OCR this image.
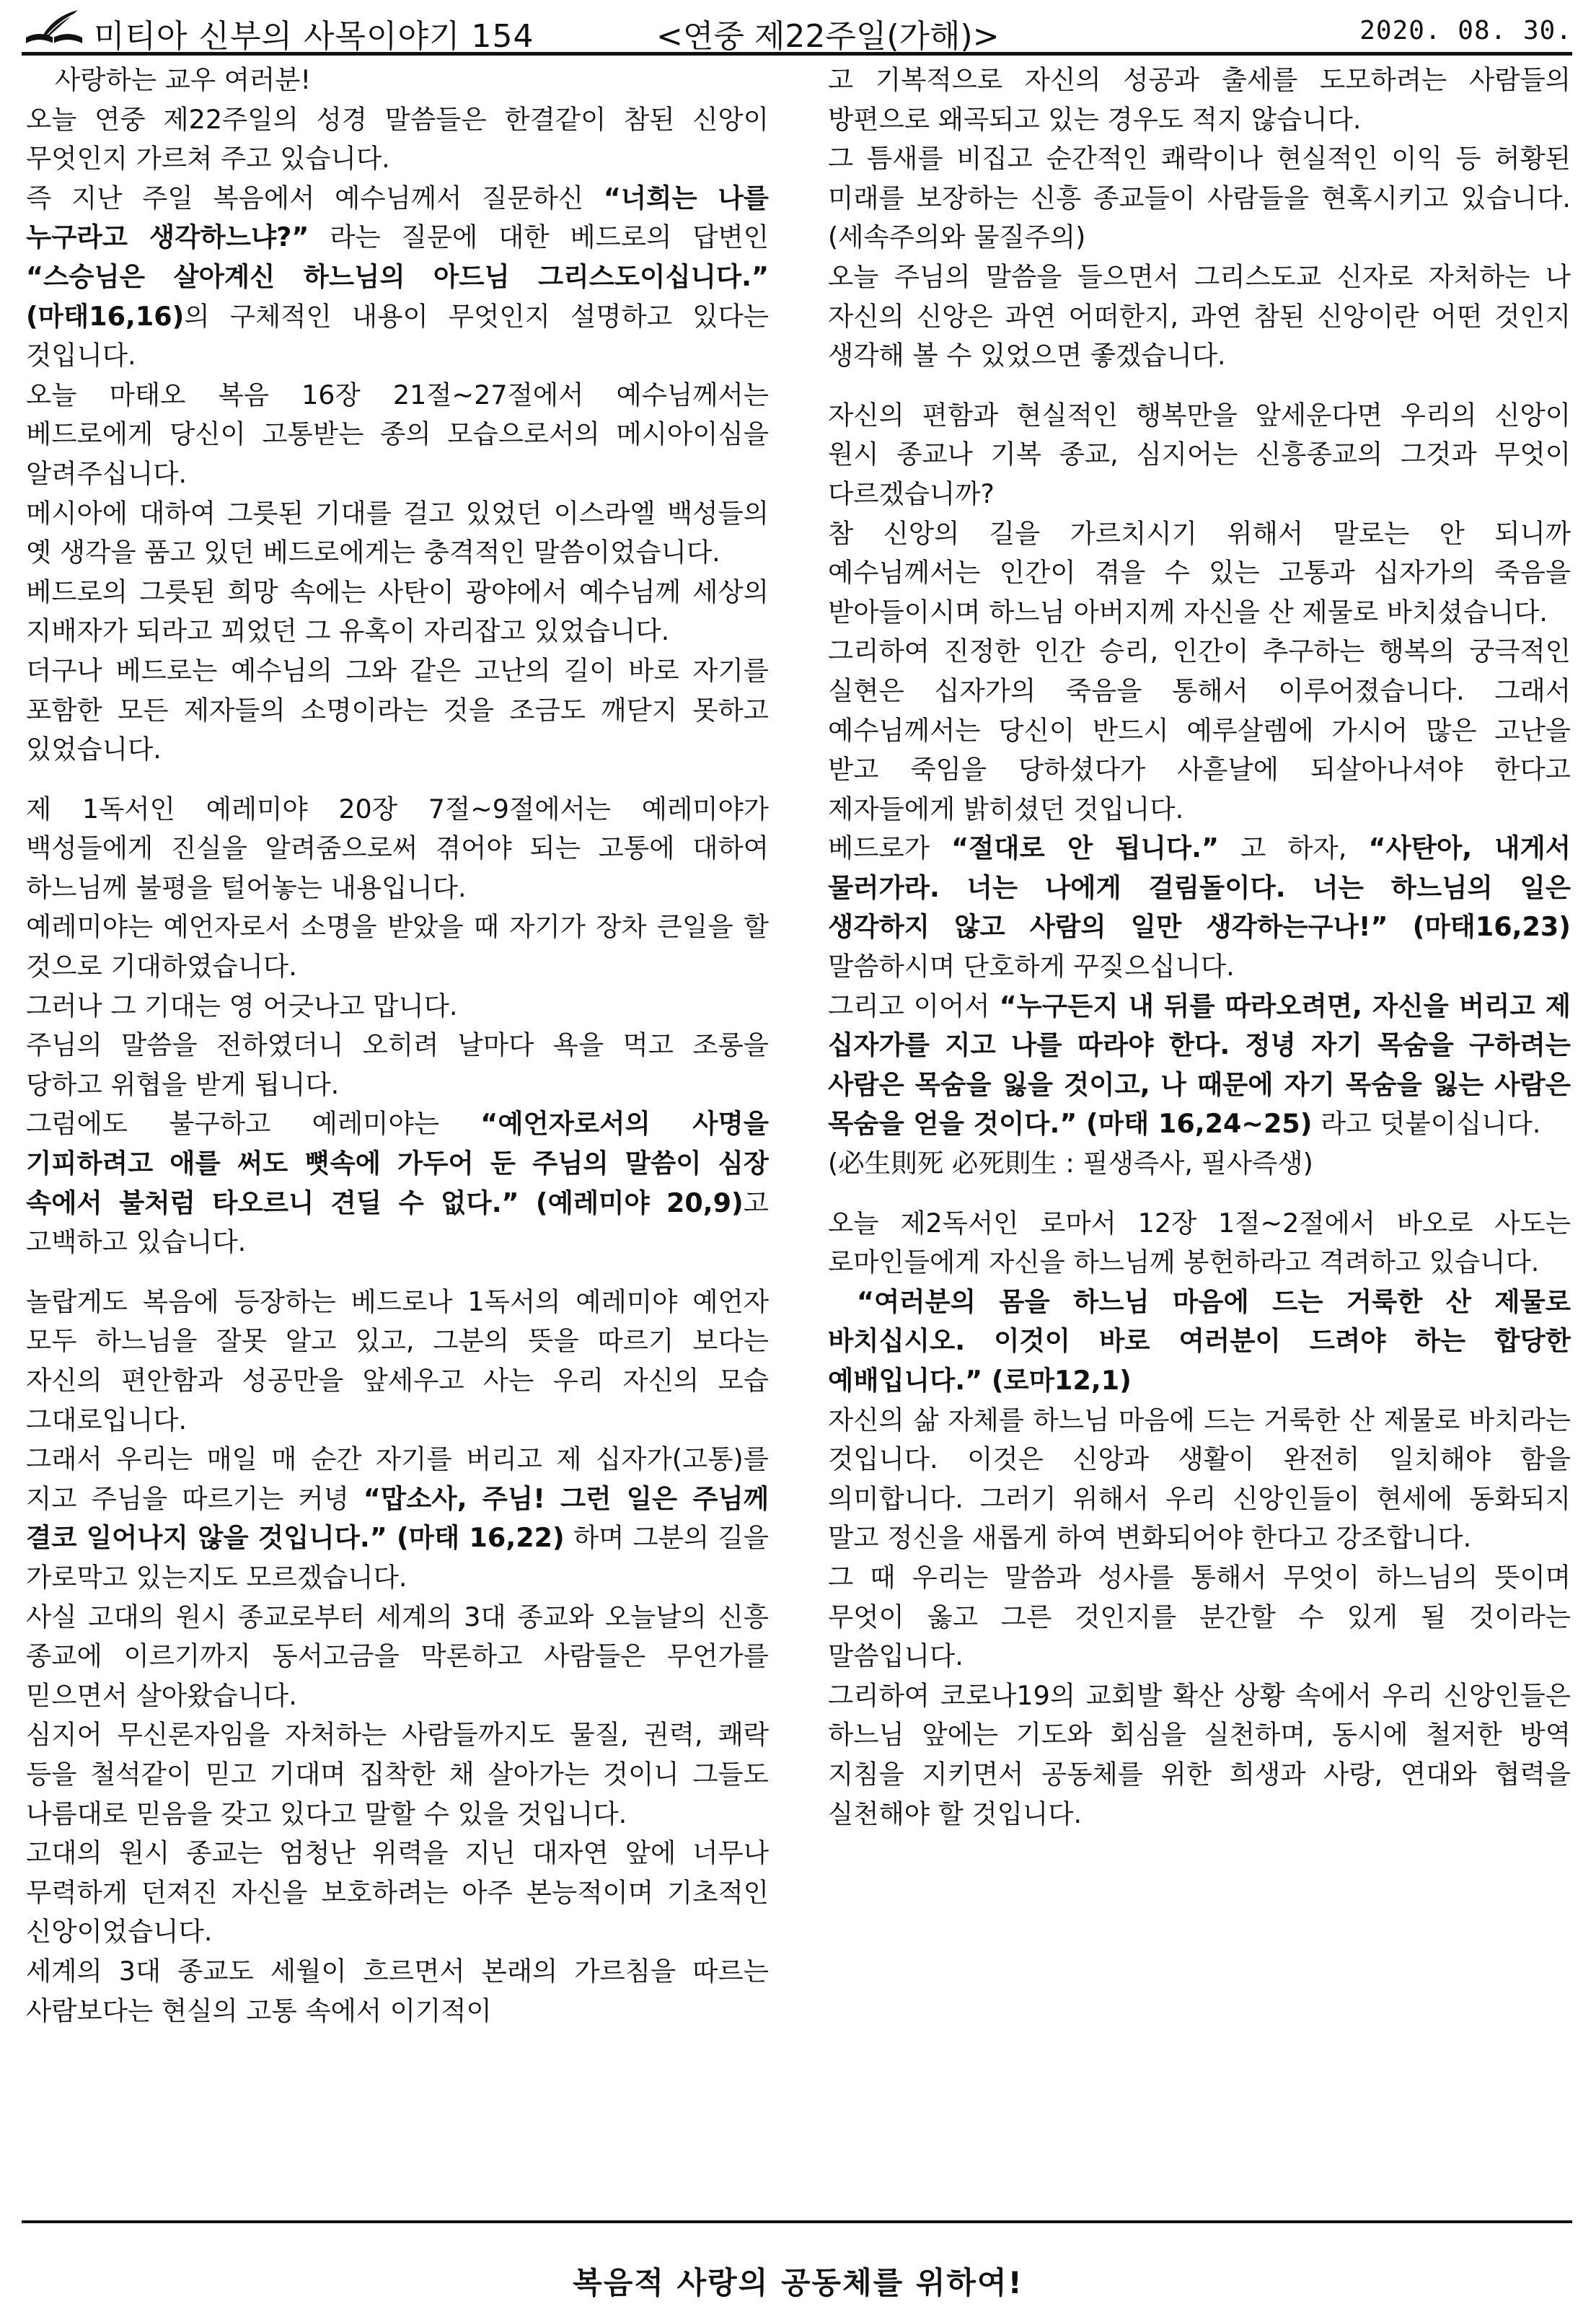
미티아 신부의 사목이야기 154	<연중 제22주일(가해)>	2020. 08. 30.

사랑하는 교우 여러분!

오늘 연중 제22주일의 성경 말씀들은 한결같이 참된 신앙이 무엇인지 가르쳐 주고 있습니다.

즉 지난 주일 복음에서 예수님께서 질문하신 “너희는 나를 누구라고 생각하느냐?” 라는 질문에 대한 베드로의 답변인 “스승님은 살아계신 하느님의 아드님 그리스도이십니다.” (마태16,16)의 구체적인 내용이 무엇인지 설명하고 있다는 것입니다.

오늘 마태오 복음 16장 21절~27절에서 예수님께서는 베드로에게 당신이 고통받는 종의 모습으로서의 메시아이심을 알려주십니다.

메시아에 대하여 그릇된 기대를 걸고 있었던 이스라엘 백성들의 옛 생각을 품고 있던 베드로에게는 충격적인 말씀이었습니다.

베드로의 그릇된 희망 속에는 사탄이 광야에서 예수님께 세상의 지배자가 되라고 꾀었던 그 유혹이 자리잡고 있었습니다.

더구나 베드로는 예수님의 그와 같은 고난의 길이 바로 자기를 포함한 모든 제자들의 소명이라는 것을 조금도 깨닫지 못하고 있었습니다.

제 1독서인 예레미야 20장 7절~9절에서는 예레미야가 백성들에게 진실을 알려줌으로써 겪어야 되는 고통에 대하여 하느님께 불평을 털어놓는 내용입니다.

예레미야는 예언자로서 소명을 받았을 때 자기가 장차 큰일을 할 것으로 기대하였습니다.

그러나 그 기대는 영 어긋나고 맙니다.

주님의 말씀을 전하였더니 오히려 날마다 욕을 먹고 조롱을 당하고 위협을 받게 됩니다.

그럼에도 불구하고 예레미야는 “예언자로서의 사명을 기피하려고 애를 써도 뼛속에 가두어 둔 주님의 말씀이 심장 속에서 불처럼 타오르니 견딜 수 없다.” (예레미야 20,9)고 고백하고 있습니다.

놀랍게도 복음에 등장하는 베드로나 1독서의 예레미야 예언자 모두 하느님을 잘못 알고 있고, 그분의 뜻을 따르기 보다는 자신의 편안함과 성공만을 앞세우고 사는 우리 자신의 모습 그대로입니다.

그래서 우리는 매일 매 순간 자기를 버리고 제 십자가(고통)를 지고 주님을 따르기는 커녕 “맙소사, 주님! 그런 일은 주님께 결코 일어나지 않을 것입니다.” (마태 16,22) 하며 그분의 길을 가로막고 있는지도 모르겠습니다.

사실 고대의 원시 종교로부터 세계의 3대 종교와 오늘날의 신흥 종교에 이르기까지 동서고금을 막론하고 사람들은 무언가를 믿으면서 살아왔습니다.

심지어 무신론자임을 자처하는 사람들까지도 물질, 권력, 쾌락 등을 철석같이 믿고 기대며 집착한 채 살아가는 것이니 그들도 나름대로 믿음을 갖고 있다고 말할 수 있을 것입니다.

고대의 원시 종교는 엄청난 위력을 지닌 대자연 앞에 너무나 무력하게 던져진 자신을 보호하려는 아주 본능적이며 기초적인 신앙이었습니다.

세계의 3대 종교도 세월이 흐르면서 본래의 가르침을 따르는 사람보다는 현실의 고통 속에서 이기적이

고 기복적으로 자신의 성공과 출세를 도모하려는 사람들의 방편으로 왜곡되고 있는 경우도 적지 않습니다.

그 틈새를 비집고 순간적인 쾌락이나 현실적인 이익 등 허황된 미래를 보장하는 신흥 종교들이 사람들을 현혹시키고 있습니다.(세속주의와 물질주의)

오늘 주님의 말씀을 들으면서 그리스도교 신자로 자처하는 나 자신의 신앙은 과연 어떠한지, 과연 참된 신앙이란 어떤 것인지 생각해 볼 수 있었으면 좋겠습니다.

자신의 편함과 현실적인 행복만을 앞세운다면 우리의 신앙이 원시 종교나 기복 종교, 심지어는 신흥종교의 그것과 무엇이 다르겠습니까?

참 신앙의 길을 가르치시기 위해서 말로는 안 되니까 예수님께서는 인간이 겪을 수 있는 고통과 십자가의 죽음을 받아들이시며 하느님 아버지께 자신을 산 제물로 바치셨습니다.

그리하여 진정한 인간 승리, 인간이 추구하는 행복의 궁극적인 실현은 십자가의 죽음을 통해서 이루어졌습니다. 그래서 예수님께서는 당신이 반드시 예루살렘에 가시어 많은 고난을 받고 죽임을 당하셨다가 사흗날에 되살아나셔야 한다고 제자들에게 밝히셨던 것입니다.

베드로가 “절대로 안 됩니다.” 고 하자, “사탄아, 내게서 물러가라. 너는 나에게 걸림돌이다. 너는 하느님의 일은 생각하지 않고 사람의 일만 생각하는구나!” (마태16,23) 말씀하시며 단호하게 꾸짖으십니다.

그리고 이어서 “누구든지 내 뒤를 따라오려면, 자신을 버리고 제 십자가를 지고 나를 따라야 한다. 정녕 자기 목숨을 구하려는 사람은 목숨을 잃을 것이고, 나 때문에 자기 목숨을 잃는 사람은 목숨을 얻을 것이다.” (마태 16,24~25) 라고 덧붙이십니다.

(必生則死 必死則生 : 필생즉사, 필사즉생)

오늘 제2독서인 로마서 12장 1절~2절에서 바오로 사도는 로마인들에게 자신을 하느님께 봉헌하라고 격려하고 있습니다.

“여러분의 몸을 하느님 마음에 드는 거룩한 산 제물로 바치십시오. 이것이 바로 여러분이 드려야 하는 합당한 예배입니다.” (로마12,1)

자신의 삶 자체를 하느님 마음에 드는 거룩한 산 제물로 바치라는 것입니다. 이것은 신앙과 생활이 완전히 일치해야 함을 의미합니다. 그러기 위해서 우리 신앙인들이 현세에 동화되지 말고 정신을 새롭게 하여 변화되어야 한다고 강조합니다.

그 때 우리는 말씀과 성사를 통해서 무엇이 하느님의 뜻이며 무엇이 옳고 그른 것인지를 분간할 수 있게 될 것이라는 말씀입니다.

그리하여 코로나19의 교회발 확산 상황 속에서 우리 신앙인들은 하느님 앞에는 기도와 회심을 실천하며, 동시에 철저한 방역 지침을 지키면서 공동체를 위한 희생과 사랑, 연대와 협력을 실천해야 할 것입니다.

복음적 사랑의 공동체를 위하여!
